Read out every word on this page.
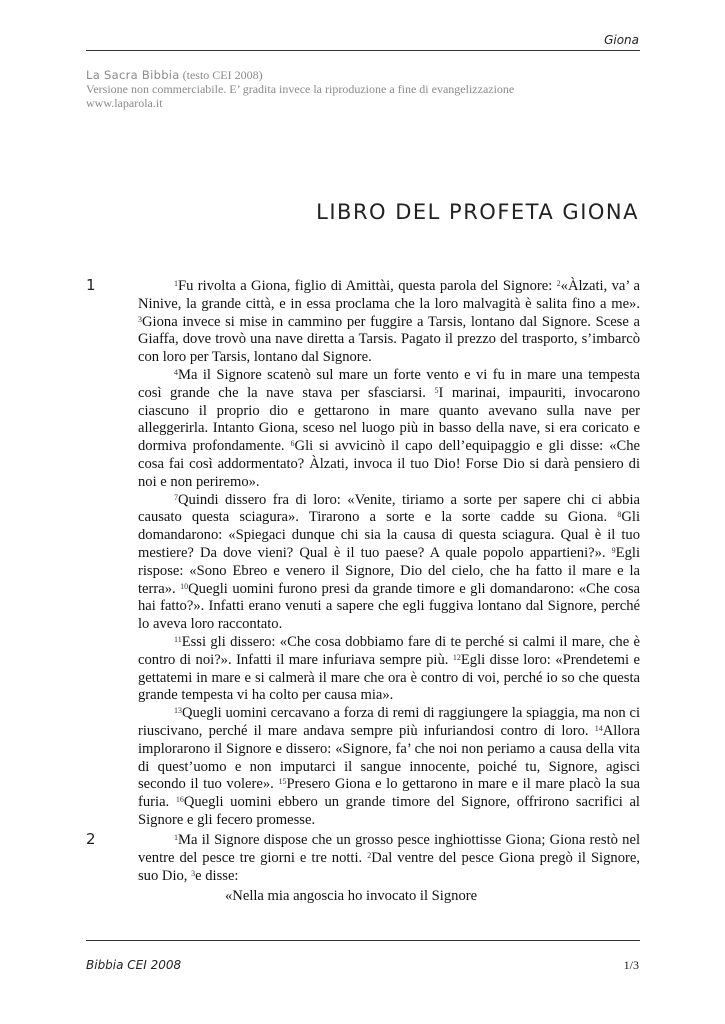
Giona
La Sacra Bibbia (testo CEI 2008)
Versione non commerciabile. E’ gradita invece la riproduzione a fine di evangelizzazione
www.laparola.it
LIBRO DEL PROFETA GIONA
1	$^1$Fu rivolta a Giona, figlio di Amittài, questa parola del Signore: $^2$«Àlzati, va’ a Ninive, la grande città, e in essa proclama che la loro malvagità è salita fino a me». $^3$Giona invece si mise in cammino per fuggire a Tarsis, lontano dal Signore. Scese a Giaffa, dove trovò una nave diretta a Tarsis. Pagato il prezzo del trasporto, s’imbarcò con loro per Tarsis, lontano dal Signore.

$^4$Ma il Signore scatenò sul mare un forte vento e vi fu in mare una tempesta così grande che la nave stava per sfasciarsi. $^5$I marinai, impauriti, invocarono ciascuno il proprio dio e gettarono in mare quanto avevano sulla nave per alleggerirla. Intanto Giona, sceso nel luogo più in basso della nave, si era coricato e dormiva profondamente. $^6$Gli si avvicinò il capo dell’equipaggio e gli disse: «Che cosa fai così addormentato? Àlzati, invoca il tuo Dio! Forse Dio si darà pensiero di noi e non periremo».

$^7$Quindi dissero fra di loro: «Venite, tiriamo a sorte per sapere chi ci abbia causato questa sciagura». Tirarono a sorte e la sorte cadde su Giona. $^8$Gli domandarono: «Spiegaci dunque chi sia la causa di questa sciagura. Qual è il tuo mestiere? Da dove vieni? Qual è il tuo paese? A quale popolo appartieni?». $^9$Egli rispose: «Sono Ebreo e venero il Signore, Dio del cielo, che ha fatto il mare e la terra». $^{10}$Quegli uomini furono presi da grande timore e gli domandarono: «Che cosa hai fatto?». Infatti erano venuti a sapere che egli fuggiva lontano dal Signore, perché lo aveva loro raccontato.

$^{11}$Essi gli dissero: «Che cosa dobbiamo fare di te perché si calmi il mare, che è contro di noi?». Infatti il mare infuriava sempre più. $^{12}$Egli disse loro: «Prendetemi e gettatemi in mare e si calmerà il mare che ora è contro di voi, perché io so che questa grande tempesta vi ha colto per causa mia».

$^{13}$Quegli uomini cercavano a forza di remi di raggiungere la spiaggia, ma non ci riuscivano, perché il mare andava sempre più infuriandosi contro di loro. $^{14}$Allora implorarono il Signore e dissero: «Signore, fa’ che noi non periamo a causa della vita di quest’uomo e non imputarci il sangue innocente, poiché tu, Signore, agisci secondo il tuo volere». $^{15}$Presero Giona e lo gettarono in mare e il mare placò la sua furia. $^{16}$Quegli uomini ebbero un grande timore del Signore, offrirono sacrifici al Signore e gli fecero promesse.

2	$^1$Ma il Signore dispose che un grosso pesce inghiottisse Giona; Giona restò nel ventre del pesce tre giorni e tre notti. $^2$Dal ventre del pesce Giona pregò il Signore, suo Dio, $^3$e disse:

«Nella mia angoscia ho invocato il Signore
Bibbia CEI 2008	1/3
